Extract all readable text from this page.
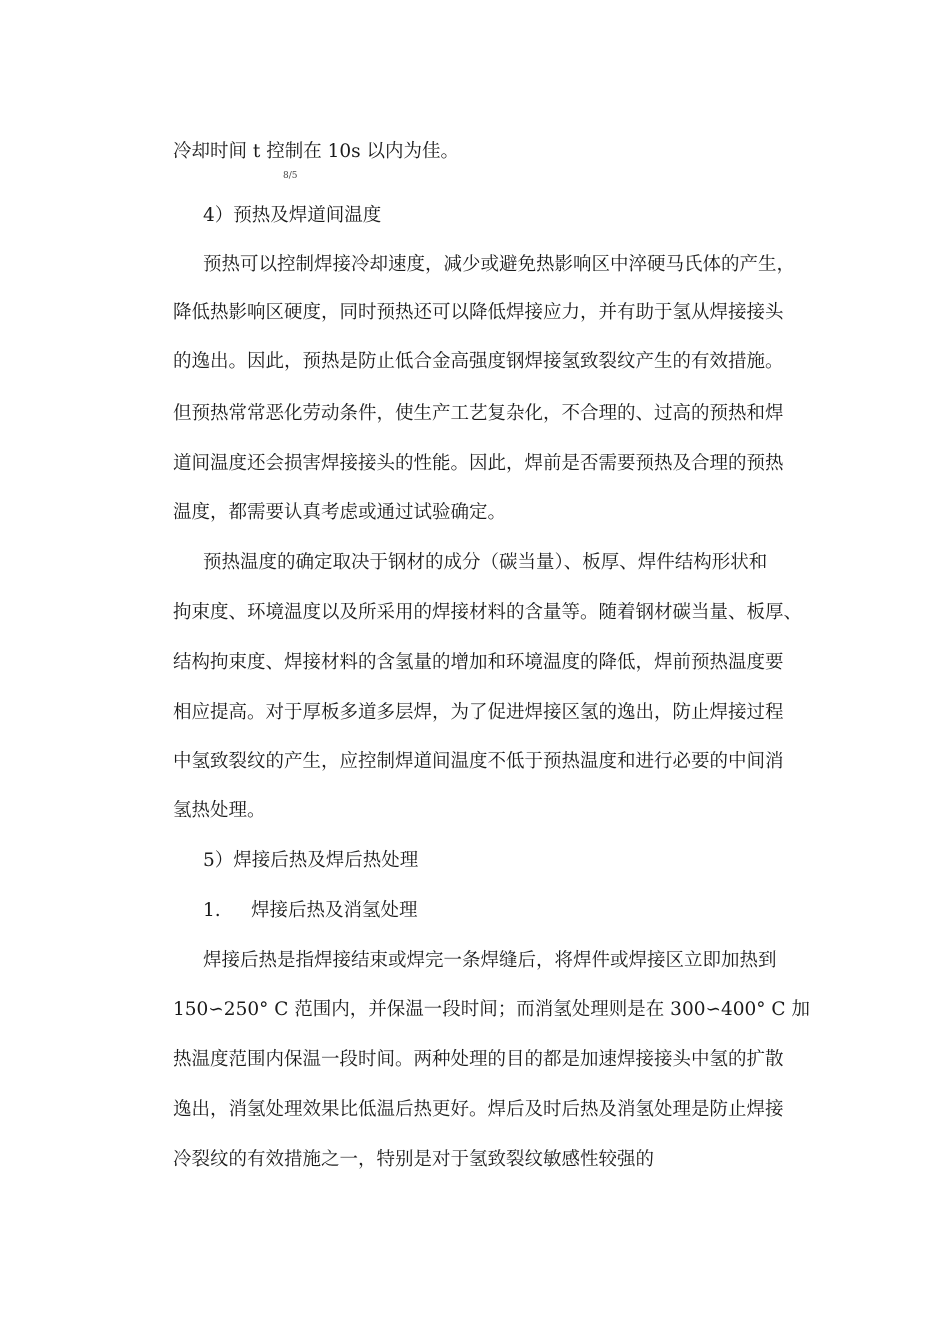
冷却时间 t 控制在 10s 以内为佳。
8/5
4）预热及焊道间温度
预热可以控制焊接冷却速度，减少或避免热影响区中淬硬马氏体的产生，
降低热影响区硬度，同时预热还可以降低焊接应力，并有助于氢从焊接接头
的逸出。因此，预热是防止低合金高强度钢焊接氢致裂纹产生的有效措施。
但预热常常恶化劳动条件，使生产工艺复杂化，不合理的、过高的预热和焊
道间温度还会损害焊接接头的性能。因此，焊前是否需要预热及合理的预热
温度，都需要认真考虑或通过试验确定。
预热温度的确定取决于钢材的成分（碳当量）、板厚、焊件结构形状和
拘束度、环境温度以及所采用的焊接材料的含量等。随着钢材碳当量、板厚、
结构拘束度、焊接材料的含氢量的增加和环境温度的降低，焊前预热温度要
相应提高。对于厚板多道多层焊，为了促进焊接区氢的逸出，防止焊接过程
中氢致裂纹的产生，应控制焊道间温度不低于预热温度和进行必要的中间消
氢热处理。
5）焊接后热及焊后热处理
1. 焊接后热及消氢处理
焊接后热是指焊接结束或焊完一条焊缝后，将焊件或焊接区立即加热到
150∽250° C 范围内，并保温一段时间；而消氢处理则是在 300∽400° C 加
热温度范围内保温一段时间。两种处理的目的都是加速焊接接头中氢的扩散
逸出，消氢处理效果比低温后热更好。焊后及时后热及消氢处理是防止焊接
冷裂纹的有效措施之一，特别是对于氢致裂纹敏感性较强的
